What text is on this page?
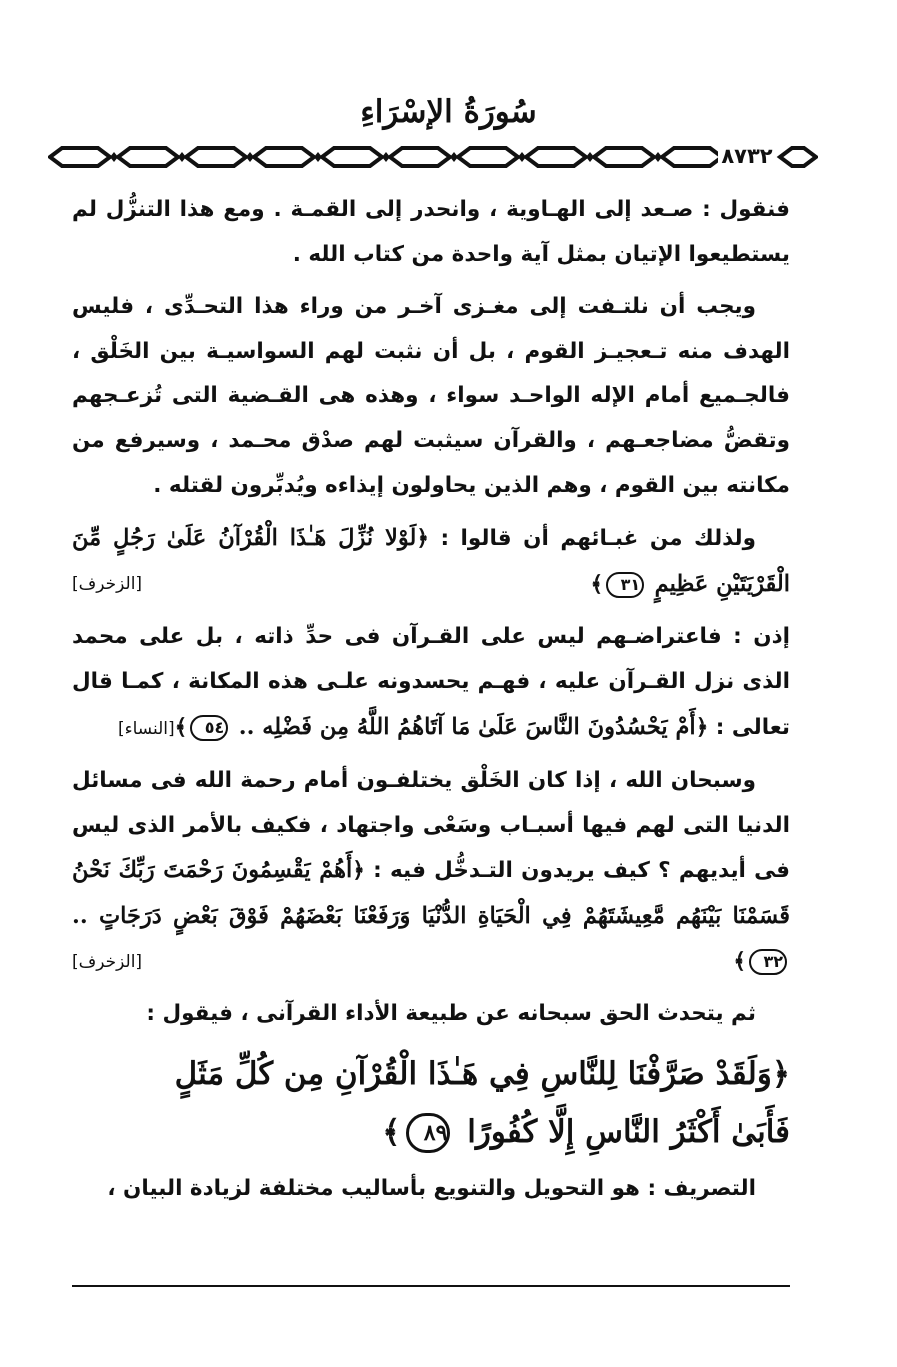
سُورَةُ الإسْرَاءِ
٨٧٣٢

فنقول : صـعد إلى الهـاوية ، وانحدر إلى القمـة . ومع هذا التنزُّل لم يستطيعوا الإتيان بمثل آية واحدة من كتاب الله .

ويجب أن نلتـفت إلى مغـزى آخـر من وراء هذا التحـدِّى ، فليس الهدف منه تـعجيـز القوم ، بل أن نثبت لهم السواسيـة بين الخَلْق ، فالجـميع أمام الإله الواحـد سواء ، وهذه هى القـضية التى تُزعـجهم وتقضُّ مضاجعـهم ، والقرآن سيثبت لهم صدْق محـمد ، وسيرفع من مكانته بين القوم ، وهم الذين يحاولون إيذاءه ويُدبِّرون لقتله .

ولذلك من غبـائهم أن قالوا : ﴿لَوْلا نُزِّلَ هَـٰذَا الْقُرْآنُ عَلَىٰ رَجُلٍ مِّنَ الْقَرْيَتَيْنِ عَظِيمٍ ٣١﴾
[الزخرف]

إذن : فاعتراضـهم ليس على القـرآن فى حدِّ ذاته ، بل على محمد الذى نزل القـرآن عليه ، فهـم يحسدونه علـى هذه المكانة ، كمـا قال تعالى : ﴿أَمْ يَحْسُدُونَ النَّاسَ عَلَىٰ مَا آتَاهُمُ اللَّهُ مِن فَضْلِه .. ٥٤﴾[النساء]

وسبحان الله ، إذا كان الخَلْق يختلفـون أمام رحمة الله فى مسائل الدنيا التى لهم فيها أسبـاب وسَعْى واجتهاد ، فكيف بالأمر الذى ليس فى أيديهم ؟ كيف يريدون التـدخُّل فيه : ﴿أَهُمْ يَقْسِمُونَ رَحْمَتَ رَبِّكَ نَحْنُ قَسَمْنَا بَيْنَهُم مَّعِيشَتَهُمْ فِي الْحَيَاةِ الدُّنْيَا وَرَفَعْنَا بَعْضَهُمْ فَوْقَ بَعْضٍ دَرَجَاتٍ .. ٣٢﴾
[الزخرف]

ثم يتحدث الحق سبحانه عن طبيعة الأداء القرآنى ، فيقول :

﴿وَلَقَدْ صَرَّفْنَا لِلنَّاسِ فِي هَـٰذَا الْقُرْآنِ مِن كُلِّ مَثَلٍ
فَأَبَىٰ أَكْثَرُ النَّاسِ إِلَّا كُفُورًا ٨٩﴾

التصريف : هو التحويل والتنويع بأساليب مختلفة لزيادة البيان ،
